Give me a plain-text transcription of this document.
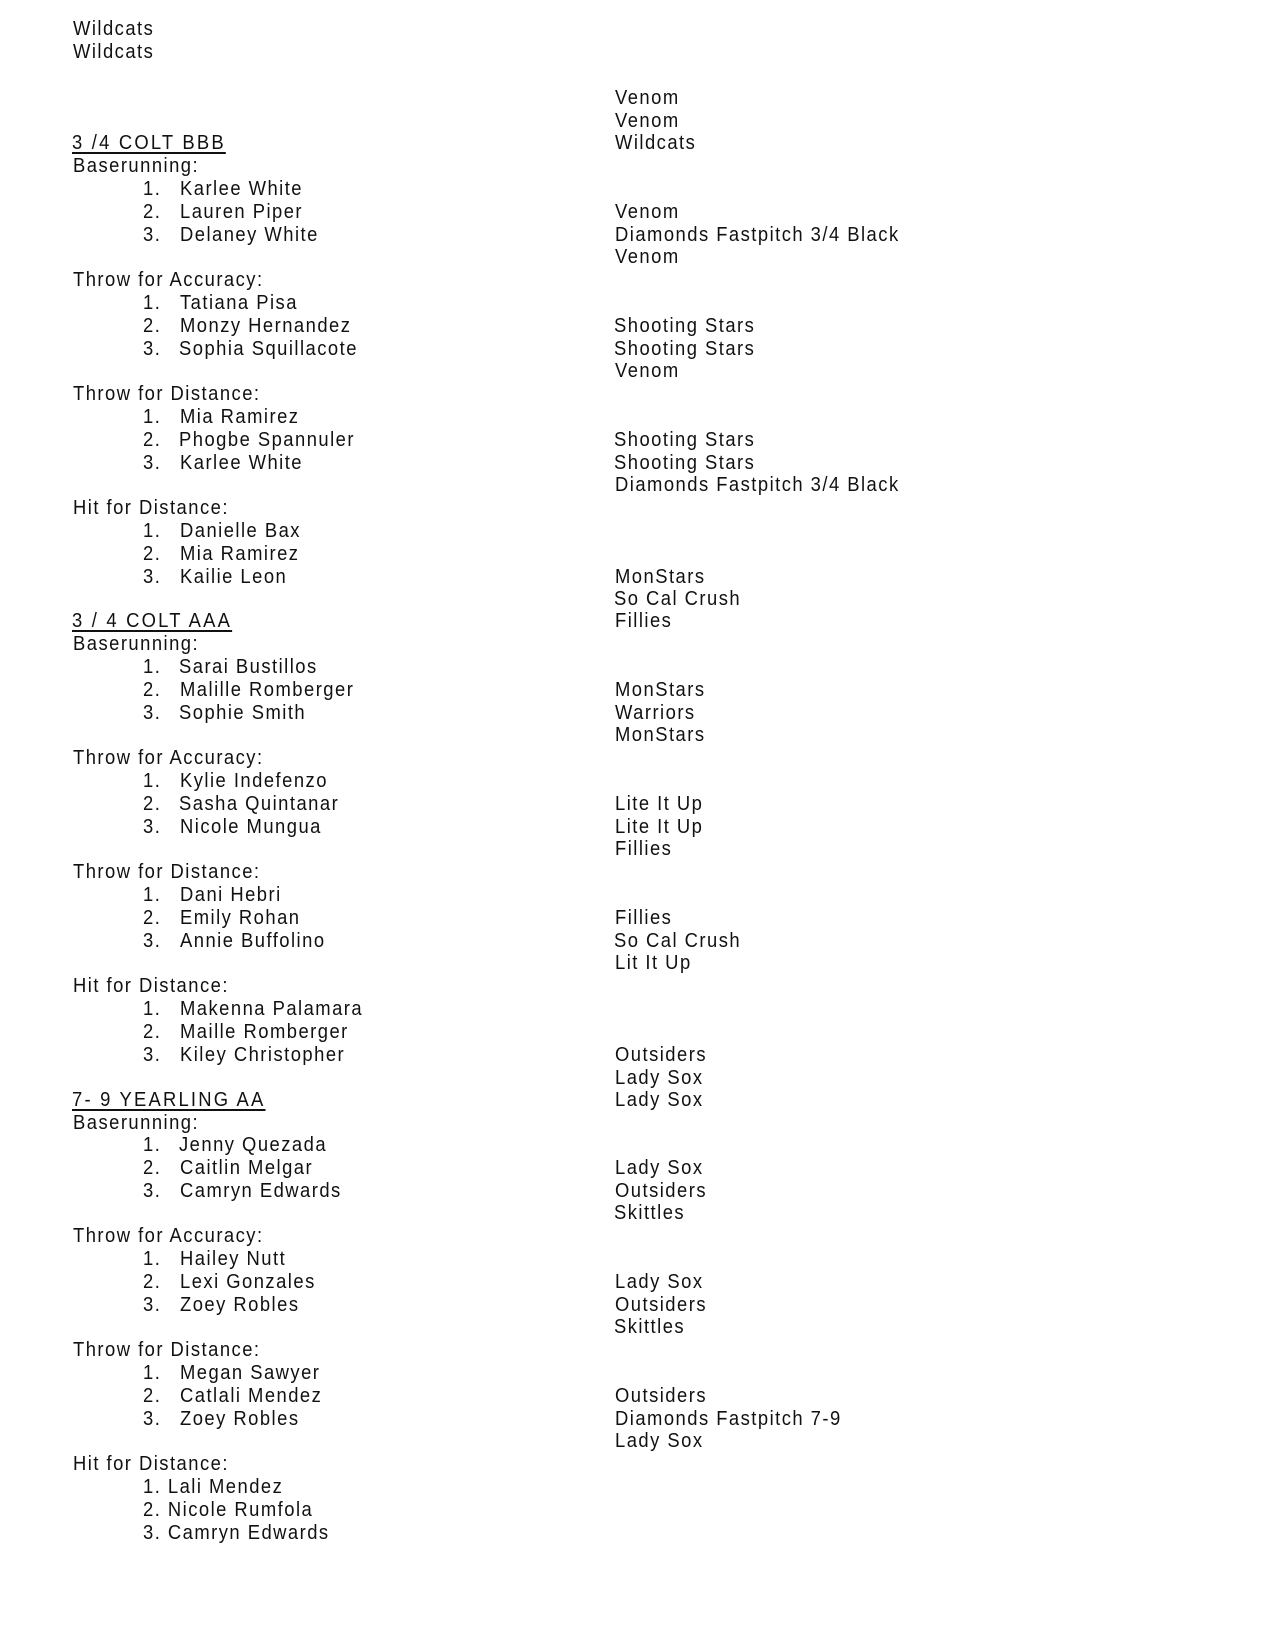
Wildcats
Wildcats
3 /4 COLT BBB
Baserunning:
1. Karlee White
2. Lauren Piper
3. Delaney White
Throw for Accuracy:
1. Tatiana Pisa
2. Monzy Hernandez
3. Sophia Squillacote
Throw for Distance:
1. Mia Ramirez
2. Phogbe Spannuler
3. Karlee White
Hit for Distance:
1. Danielle Bax
2. Mia Ramirez
3. Kailie Leon
3 / 4 COLT AAA
Baserunning:
1. Sarai Bustillos
2. Malille Romberger
3. Sophie Smith
Throw for Accuracy:
1. Kylie Indefenzo
2. Sasha Quintanar
3. Nicole Mungua
Throw for Distance:
1. Dani Hebri
2. Emily Rohan
3. Annie Buffolino
Hit for Distance:
1. Makenna Palamara
2. Maille Romberger
3. Kiley Christopher
7- 9 YEARLING AA
Baserunning:
1. Jenny Quezada
2. Caitlin Melgar
3. Camryn Edwards
Throw for Accuracy:
1. Hailey Nutt
2. Lexi Gonzales
3. Zoey Robles
Throw for Distance:
1. Megan Sawyer
2. Catlali Mendez
3. Zoey Robles
Hit for Distance:
1. Lali Mendez
2. Nicole Rumfola
3. Camryn Edwards
Venom
Venom
Wildcats
Venom
Diamonds Fastpitch 3/4 Black
Venom
Shooting Stars
Shooting Stars
Venom
Shooting Stars
Shooting Stars
Diamonds Fastpitch 3/4 Black
MonStars
So Cal Crush
Fillies
MonStars
Warriors
MonStars
Lite It Up
Lite It Up
Fillies
Fillies
So Cal Crush
Lit It Up
Outsiders
Lady Sox
Lady Sox
Lady Sox
Outsiders
Skittles
Lady Sox
Outsiders
Skittles
Outsiders
Diamonds Fastpitch 7-9
Lady Sox
